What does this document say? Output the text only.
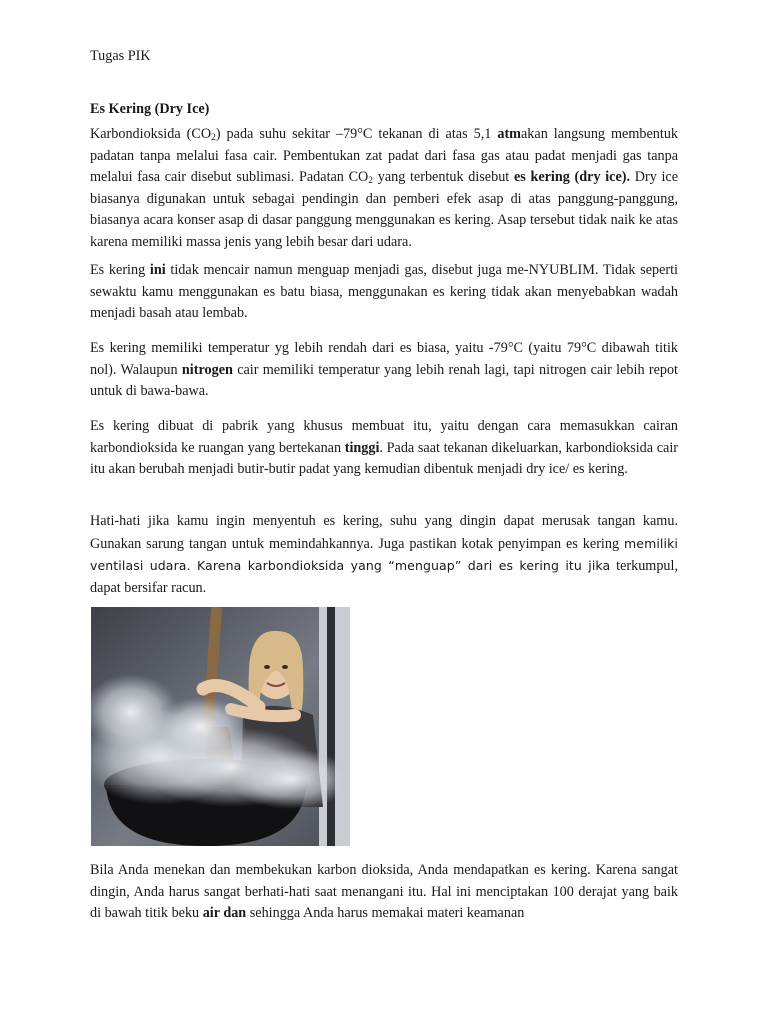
Tugas PIK
Es Kering (Dry Ice)

Karbondioksida $(CO_2)$ pada suhu sekitar –79°C tekanan di atas 5,1 atmakan langsung membentuk padatan tanpa melalui fasa cair. Pembentukan zat padat dari fasa gas atau padat menjadi gas tanpa melalui fasa cair disebut sublimasi. Padatan $CO_2$ yang terbentuk disebut es kering (dry ice). Dry ice biasanya digunakan untuk sebagai pendingin dan pemberi efek asap di atas panggung-panggung, biasanya acara konser asap di dasar panggung menggunakan es kering. Asap tersebut tidak naik ke atas karena memiliki massa jenis yang lebih besar dari udara.

Es kering ini tidak mencair namun menguap menjadi gas, disebut juga me-NYUBLIM. Tidak seperti sewaktu kamu menggunakan es batu biasa, menggunakan es kering tidak akan menyebabkan wadah menjadi basah atau lembab.

Es kering memiliki temperatur yg lebih rendah dari es biasa, yaitu -79°C (yaitu 79°C dibawah titik nol). Walaupun nitrogen cair memiliki temperatur yang lebih renah lagi, tapi nitrogen cair lebih repot untuk di bawa-bawa.

Es kering dibuat di pabrik yang khusus membuat itu, yaitu dengan cara memasukkan cairan karbondioksida ke ruangan yang bertekanan tinggi. Pada saat tekanan dikeluarkan, karbondioksida cair itu akan berubah menjadi butir-butir padat yang kemudian dibentuk menjadi dry ice/ es kering.

Hati-hati jika kamu ingin menyentuh es kering, suhu yang dingin dapat merusak tangan kamu. Gunakan sarung tangan untuk memindahkannya. Juga pastikan kotak penyimpan es kering memiliki ventilasi udara. Karena karbondioksida yang “menguap” dari es kering itu jika terkumpul, dapat bersifar racun.

Bila Anda menekan dan membekukan karbon dioksida, Anda mendapatkan es kering. Karena sangat dingin, Anda harus sangat berhati-hati saat menangani itu. Hal ini menciptakan 100 derajat yang baik di bawah titik beku air dan sehingga Anda harus memakai materi keamanan
